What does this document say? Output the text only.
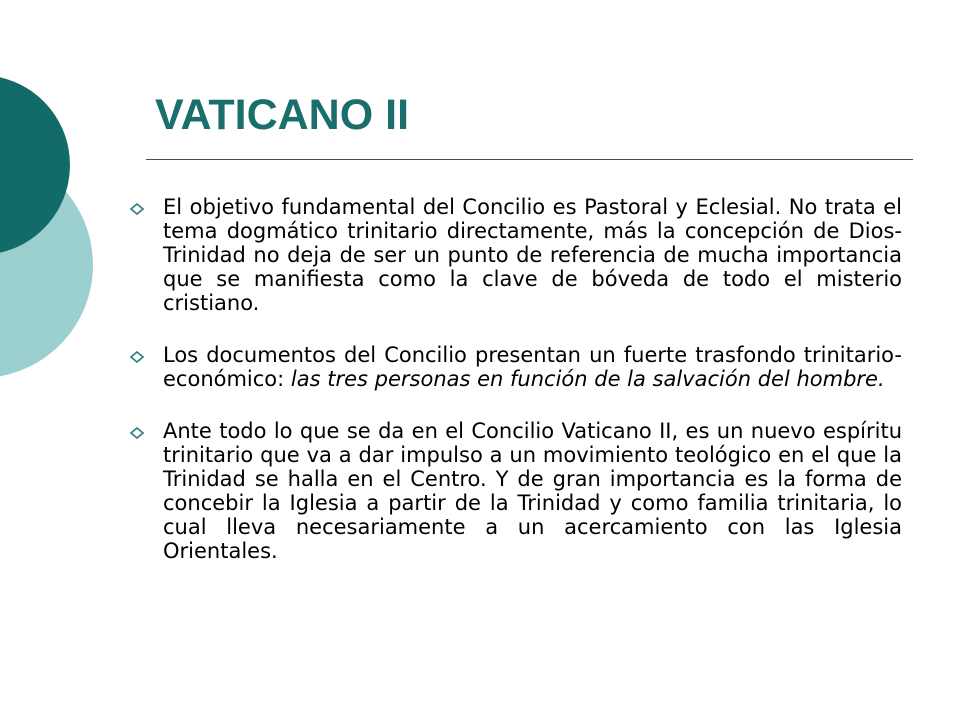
VATICANO II

El objetivo fundamental del Concilio es Pastoral y Eclesial. No trata el tema dogmático trinitario directamente, más la concepción de Dios-Trinidad no deja de ser un punto de referencia de mucha importancia que se manifiesta como la clave de bóveda de todo el misterio cristiano.

Los documentos del Concilio presentan un fuerte trasfondo trinitario-económico: las tres personas en función de la salvación del hombre.

Ante todo lo que se da en el Concilio Vaticano II, es un nuevo espíritu trinitario que va a dar impulso a un movimiento teológico en el que la Trinidad se halla en el Centro. Y de gran importancia es la forma de concebir la Iglesia a partir de la Trinidad y como familia trinitaria, lo cual lleva necesariamente a un acercamiento con las Iglesia Orientales.
